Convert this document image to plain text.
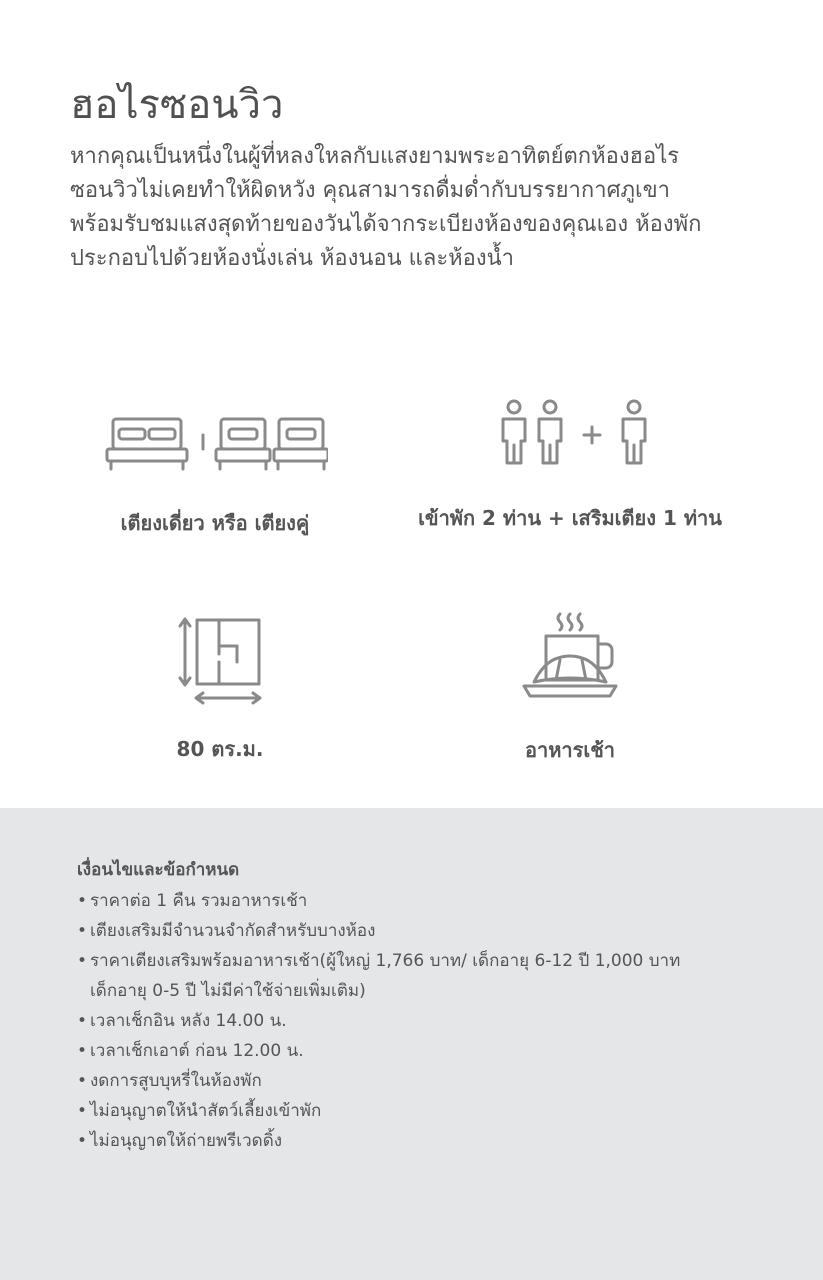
ฮอไรซอนวิว
หากคุณเป็นหนึ่งในผู้ที่หลงใหลกับแสงยามพระอาทิตย์ตกห้องฮอไร
ซอนวิวไม่เคยทำให้ผิดหวัง คุณสามารถดื่มด่ำกับบรรยากาศภูเขา
พร้อมรับชมแสงสุดท้ายของวันได้จากระเบียงห้องของคุณเอง ห้องพัก
ประกอบไปด้วยห้องนั่งเล่น ห้องนอน และห้องน้ำ
เตียงเดี่ยว หรือ เตียงคู่	เข้าพัก 2 ท่าน + เสริมเตียง 1 ท่าน
80 ตร.ม.	อาหารเช้า
เงื่อนไขและข้อกำหนด
• ราคาต่อ 1 คืน รวมอาหารเช้า
• เตียงเสริมมีจำนวนจำกัดสำหรับบางห้อง
• ราคาเตียงเสริมพร้อมอาหารเช้า(ผู้ใหญ่ 1,766 บาท/ เด็กอายุ 6-12 ปี 1,000 บาท
เด็กอายุ 0-5 ปี ไม่มีค่าใช้จ่ายเพิ่มเติม)
• เวลาเช็กอิน หลัง 14.00 น.
• เวลาเช็กเอาต์ ก่อน 12.00 น.
• งดการสูบบุหรี่ในห้องพัก
• ไม่อนุญาตให้นำสัตว์เลี้ยงเข้าพัก
• ไม่อนุญาตให้ถ่ายพรีเวดดิ้ง
